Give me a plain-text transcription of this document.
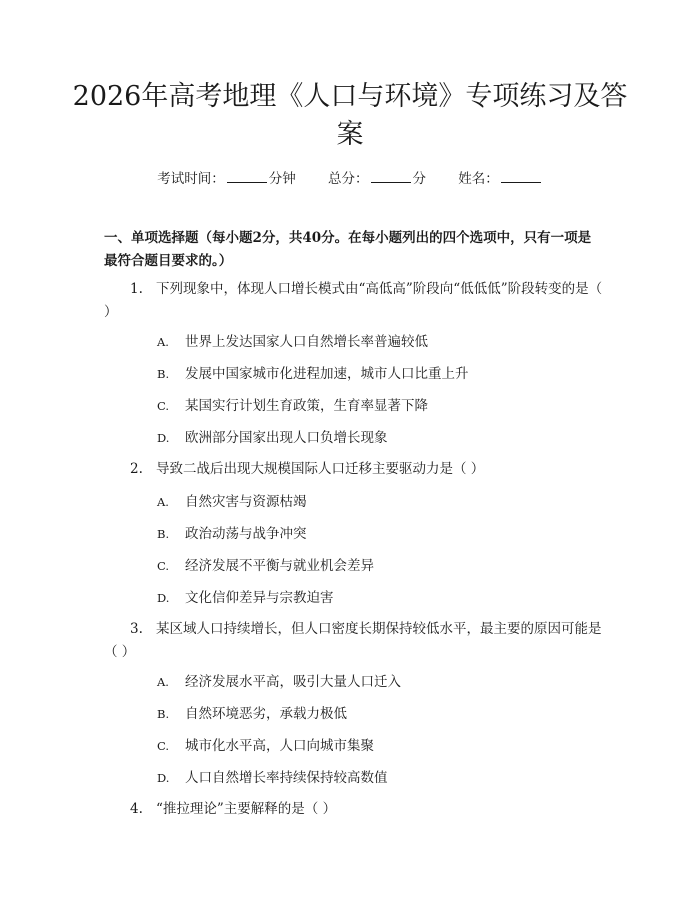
2026年高考地理《人口与环境》专项练习及答案
考试时间：	分钟 总分：	分 姓名：

一、单项选择题（每小题2分，共40分。在每小题列出的四个选项中，只有一项是最符合题目要求的。）

1. 下列现象中，体现人口增长模式由“高低高”阶段向“低低低”阶段转变的是（ ）
A. 世界上发达国家人口自然增长率普遍较低
B. 发展中国家城市化进程加速，城市人口比重上升
C. 某国实行计划生育政策，生育率显著下降
D. 欧洲部分国家出现人口负增长现象
2. 导致二战后出现大规模国际人口迁移主要驱动力是（ ）
A. 自然灾害与资源枯竭
B. 政治动荡与战争冲突
C. 经济发展不平衡与就业机会差异
D. 文化信仰差异与宗教迫害
3. 某区域人口持续增长，但人口密度长期保持较低水平，最主要的原因可能是（ ）
A. 经济发展水平高，吸引大量人口迁入
B. 自然环境恶劣，承载力极低
C. 城市化水平高，人口向城市集聚
D. 人口自然增长率持续保持较高数值
4. “推拉理论”主要解释的是（ ）
